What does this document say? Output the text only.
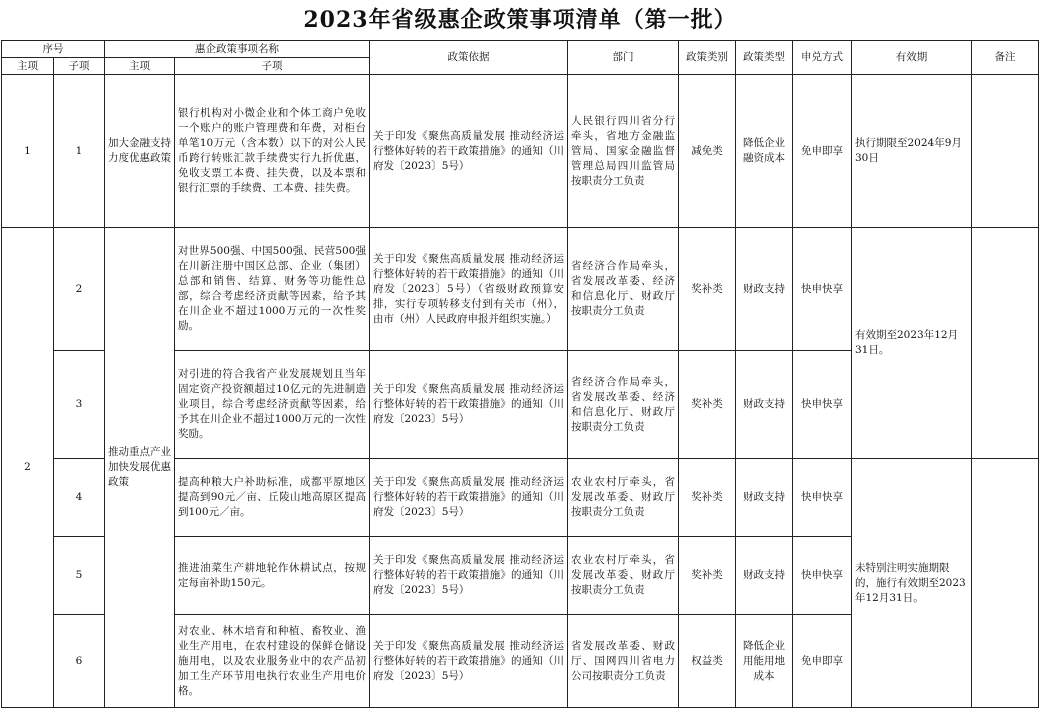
2023年省级惠企政策事项清单（第一批）
序号		惠企政策事项名称		政策依据	部门	政策类别	政策类型	申兑方式	有效期	备注
主项	子项	主项	子项							
1	1	加大金融支持力度优惠政策	银行机构对小微企业和个体工商户免收一个账户的账户管理费和年费，对柜台单笔10万元（含本数）以下的对公人民币跨行转账汇款手续费实行九折优惠，免收支票工本费、挂失费，以及本票和银行汇票的手续费、工本费、挂失费。	关于印发《聚焦高质量发展 推动经济运行整体好转的若干政策措施》的通知（川府发〔2023〕5号）	人民银行四川省分行牵头，省地方金融监管局、国家金融监督管理总局四川监管局按职责分工负责	减免类	降低企业融资成本	免申即享	执行期限至2024年9月30日	
2	2	推动重点产业加快发展优惠政策	对世界500强、中国500强、民营500强在川新注册中国区总部、企业（集团）总部和销售、结算、财务等功能性总部，综合考虑经济贡献等因素，给予其在川企业不超过1000万元的一次性奖励。	关于印发《聚焦高质量发展 推动经济运行整体好转的若干政策措施》的通知（川府发〔2023〕5号）（省级财政预算安排，实行专项转移支付到有关市（州），由市（州）人民政府申报并组织实施。）	省经济合作局牵头，省发展改革委、经济和信息化厅、财政厅按职责分工负责	奖补类	财政支持	快申快享	有效期至2023年12月31日。	
	3		对引进的符合我省产业发展规划且当年固定资产投资额超过10亿元的先进制造业项目，综合考虑经济贡献等因素，给予其在川企业不超过1000万元的一次性奖励。	关于印发《聚焦高质量发展 推动经济运行整体好转的若干政策措施》的通知（川府发〔2023〕5号）	省经济合作局牵头，省发展改革委、经济和信息化厅、财政厅按职责分工负责	奖补类	财政支持	快申快享		
	4		提高种粮大户补助标准，成都平原地区提高到90元／亩、丘陵山地高原区提高到100元／亩。	关于印发《聚焦高质量发展 推动经济运行整体好转的若干政策措施》的通知（川府发〔2023〕5号）	农业农村厅牵头，省发展改革委、财政厅按职责分工负责	奖补类	财政支持	快申快享	未特别注明实施期限的，施行有效期至2023年12月31日。	
	5		推进油菜生产耕地轮作休耕试点，按规定每亩补助150元。	关于印发《聚焦高质量发展 推动经济运行整体好转的若干政策措施》的通知（川府发〔2023〕5号）	农业农村厅牵头，省发展改革委、财政厅按职责分工负责	奖补类	财政支持	快申快享		
	6		对农业、林木培育和种植、畜牧业、渔业生产用电，在农村建设的保鲜仓储设施用电，以及农业服务业中的农产品初加工生产环节用电执行农业生产用电价格。	关于印发《聚焦高质量发展 推动经济运行整体好转的若干政策措施》的通知（川府发〔2023〕5号）	省发展改革委、财政厅、国网四川省电力公司按职责分工负责	权益类	降低企业用能用地成本	免申即享		
